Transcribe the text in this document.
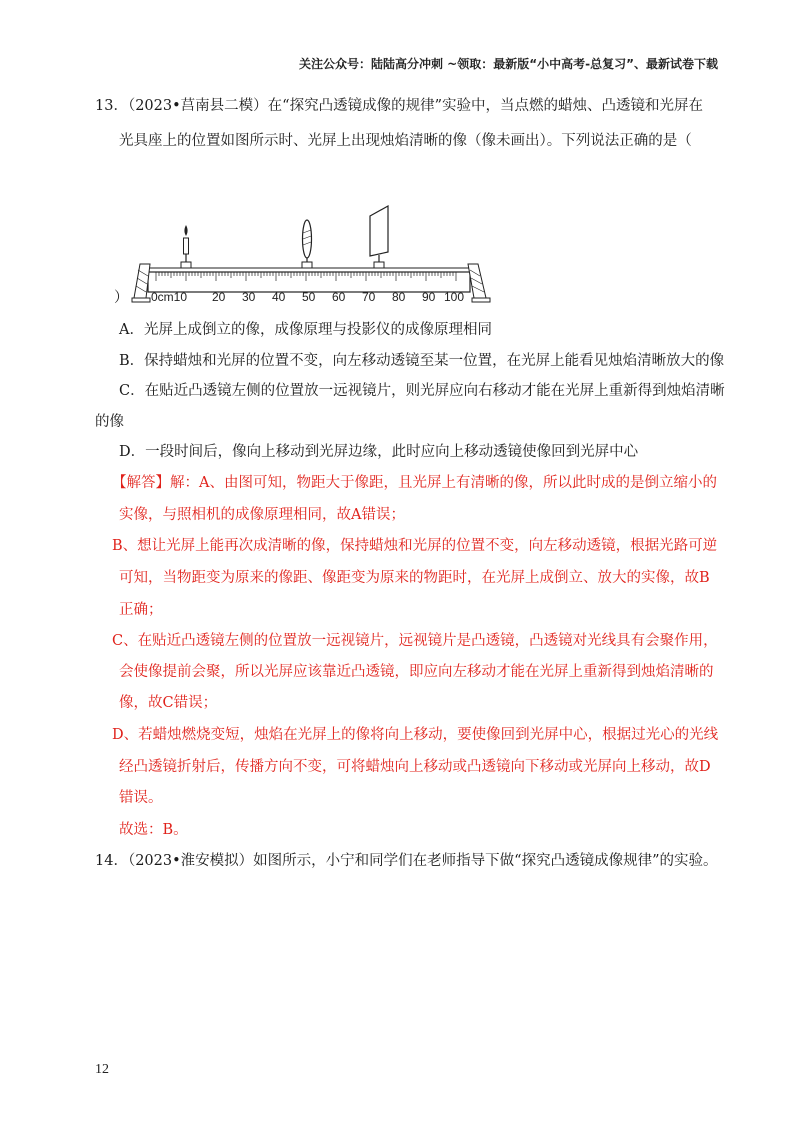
关注公众号：陆陆高分冲刺 ~领取：最新版“小中高考-总复习”、最新试卷下载
13．（2023•莒南县二模）在“探究凸透镜成像的规律”实验中，当点燃的蜡烛、凸透镜和光屏在
光具座上的位置如图所示时、光屏上出现烛焰清晰的像（像未画出）。下列说法正确的是（
0cm10 20 30 40 50 60 70 80 90 100
）
A．光屏上成倒立的像，成像原理与投影仪的成像原理相同
B．保持蜡烛和光屏的位置不变，向左移动透镜至某一位置，在光屏上能看见烛焰清晰放大的像
C．在贴近凸透镜左侧的位置放一远视镜片，则光屏应向右移动才能在光屏上重新得到烛焰清晰
的像
D．一段时间后，像向上移动到光屏边缘，此时应向上移动透镜使像回到光屏中心
【解答】解：A、由图可知，物距大于像距，且光屏上有清晰的像，所以此时成的是倒立缩小的
实像，与照相机的成像原理相同，故A错误；
B、想让光屏上能再次成清晰的像，保持蜡烛和光屏的位置不变，向左移动透镜，根据光路可逆
可知，当物距变为原来的像距、像距变为原来的物距时，在光屏上成倒立、放大的实像，故B
正确；
C、在贴近凸透镜左侧的位置放一远视镜片，远视镜片是凸透镜，凸透镜对光线具有会聚作用，
会使像提前会聚，所以光屏应该靠近凸透镜，即应向左移动才能在光屏上重新得到烛焰清晰的
像，故C错误；
D、若蜡烛燃烧变短，烛焰在光屏上的像将向上移动，要使像回到光屏中心，根据过光心的光线
经凸透镜折射后，传播方向不变，可将蜡烛向上移动或凸透镜向下移动或光屏向上移动，故D
错误。
故选：B。
14．（2023•淮安模拟）如图所示，小宁和同学们在老师指导下做“探究凸透镜成像规律”的实验。
12
